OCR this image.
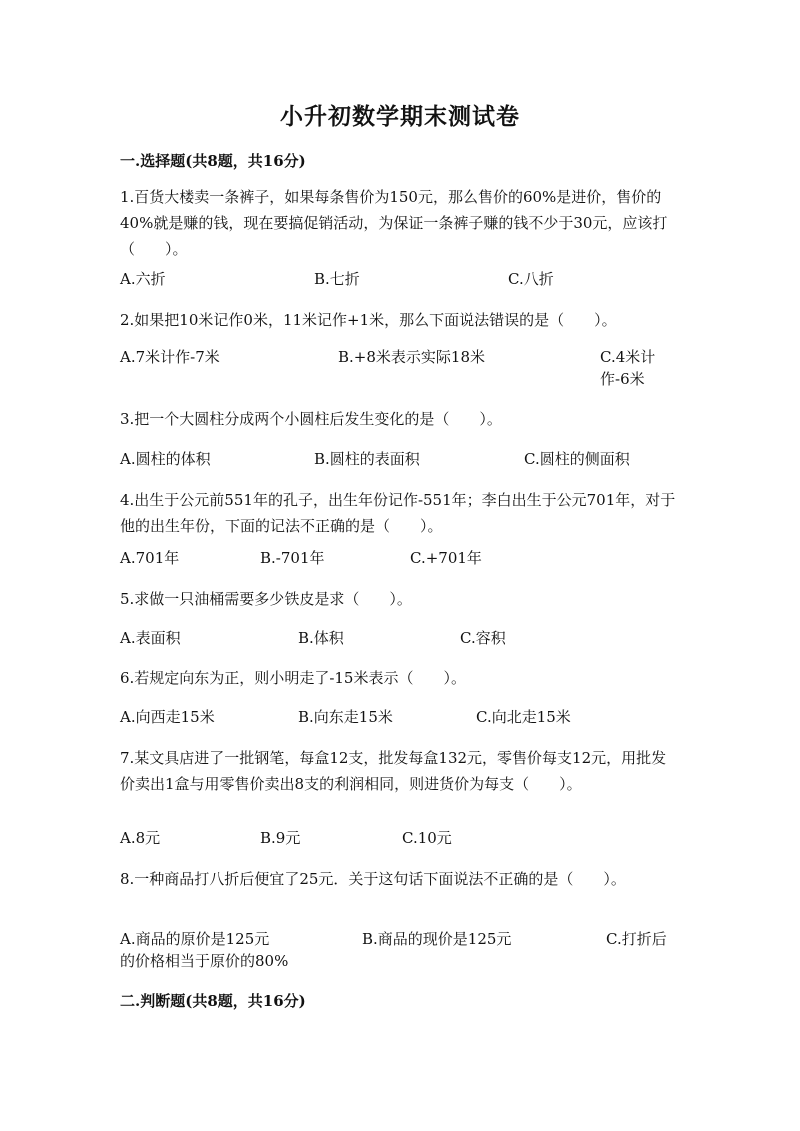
小升初数学期末测试卷
一.选择题(共8题，共16分)
1.百货大楼卖一条裤子，如果每条售价为150元，那么售价的60%是进价，售价的40%就是赚的钱，现在要搞促销活动，为保证一条裤子赚的钱不少于30元，应该打（　　）。
A.六折	B.七折	C.八折
2.如果把10米记作0米，11米记作+1米，那么下面说法错误的是（　　）。
A.7米计作-7米	B.+8米表示实际18米	C.4米计作-6米
3.把一个大圆柱分成两个小圆柱后发生变化的是（　　）。
A.圆柱的体积	B.圆柱的表面积	C.圆柱的侧面积
4.出生于公元前551年的孔子，出生年份记作-551年；李白出生于公元701年，对于他的出生年份，下面的记法不正确的是（　　）。
A.701年	B.-701年	C.+701年
5.求做一只油桶需要多少铁皮是求（　　）。
A.表面积	B.体积	C.容积
6.若规定向东为正，则小明走了-15米表示（　　）。
A.向西走15米	B.向东走15米	C.向北走15米
7.某文具店进了一批钢笔，每盒12支，批发每盒132元，零售价每支12元，用批发价卖出1盒与用零售价卖出8支的利润相同，则进货价为每支（　　）。
A.8元	B.9元	C.10元
8.一种商品打八折后便宜了25元．关于这句话下面说法不正确的是（　　）。
A.商品的原价是125元	B.商品的现价是125元	C.打折后的价格相当于原价的80%
二.判断题(共8题，共16分)
